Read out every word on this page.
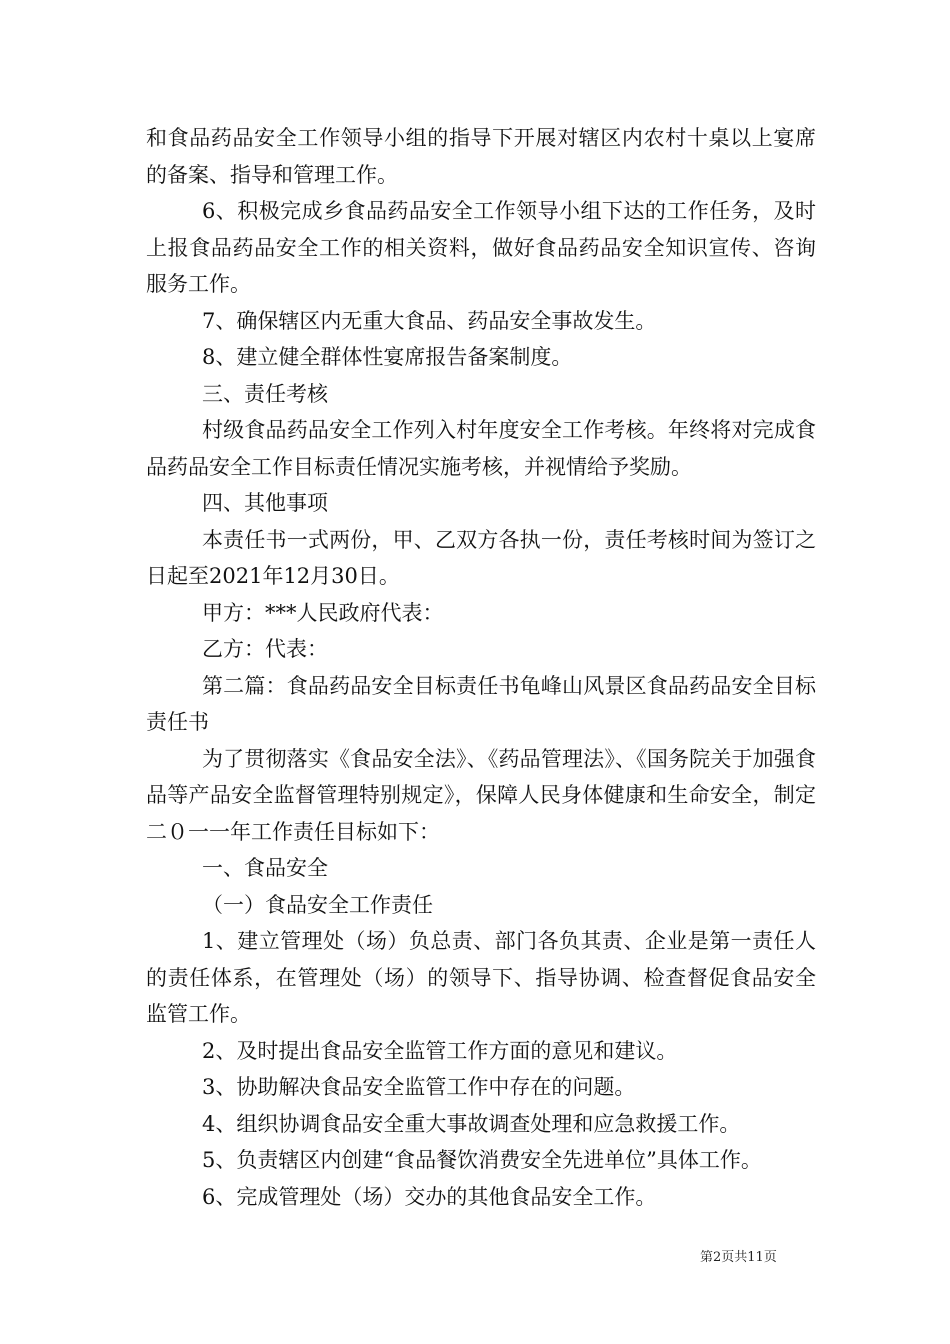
和食品药品安全工作领导小组的指导下开展对辖区内农村十桌以上宴席的备案、指导和管理工作。

6、积极完成乡食品药品安全工作领导小组下达的工作任务，及时上报食品药品安全工作的相关资料，做好食品药品安全知识宣传、咨询服务工作。

7、确保辖区内无重大食品、药品安全事故发生。

8、建立健全群体性宴席报告备案制度。

三、责任考核

村级食品药品安全工作列入村年度安全工作考核。年终将对完成食品药品安全工作目标责任情况实施考核，并视情给予奖励。

四、其他事项

本责任书一式两份，甲、乙双方各执一份，责任考核时间为签订之日起至2021年12月30日。

甲方：***人民政府代表：

乙方：代表：

第二篇：食品药品安全目标责任书龟峰山风景区食品药品安全目标责任书

为了贯彻落实《食品安全法》、《药品管理法》、《国务院关于加强食品等产品安全监督管理特别规定》，保障人民身体健康和生命安全，制定二０一一年工作责任目标如下：

一、食品安全

（一）食品安全工作责任

1、建立管理处（场）负总责、部门各负其责、企业是第一责任人的责任体系，在管理处（场）的领导下、指导协调、检查督促食品安全监管工作。

2、及时提出食品安全监管工作方面的意见和建议。

3、协助解决食品安全监管工作中存在的问题。

4、组织协调食品安全重大事故调查处理和应急救援工作。

5、负责辖区内创建“食品餐饮消费安全先进单位”具体工作。

6、完成管理处（场）交办的其他食品安全工作。

第2页共11页
